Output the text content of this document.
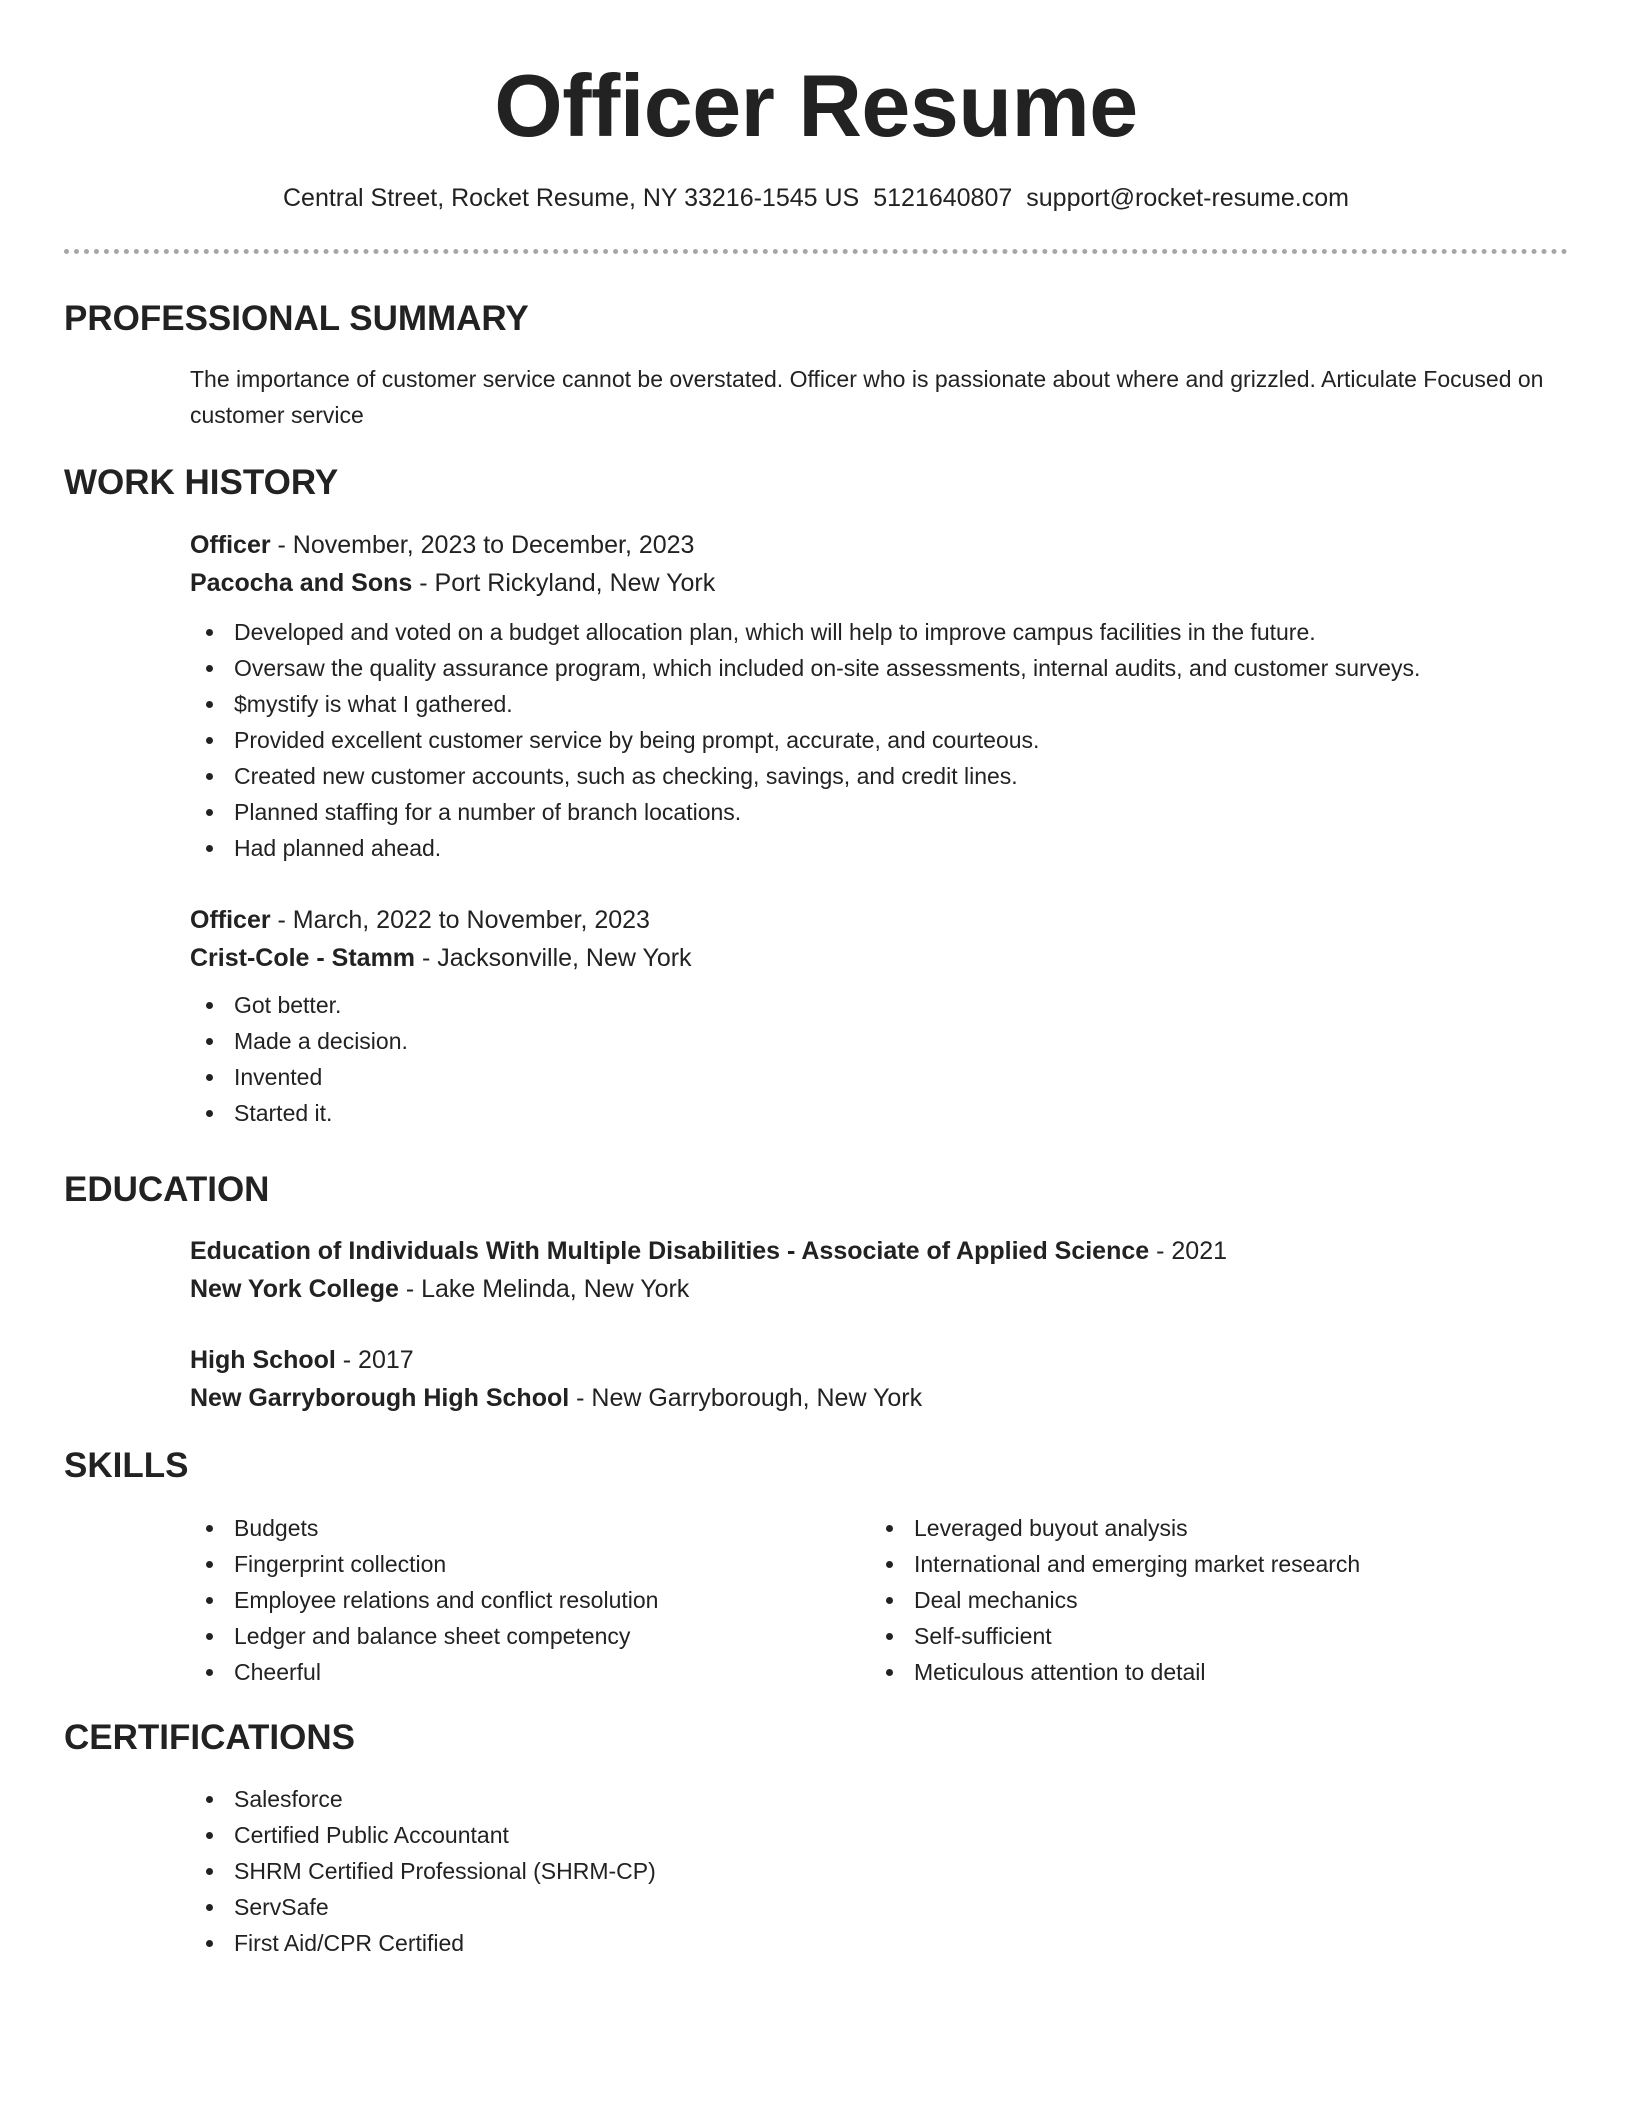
Officer Resume
Central Street, Rocket Resume, NY 33216-1545 US 5121640807 support@rocket-resume.com
PROFESSIONAL SUMMARY
The importance of customer service cannot be overstated. Officer who is passionate about where and grizzled. Articulate Focused on customer service
WORK HISTORY
Officer - November, 2023 to December, 2023
Pacocha and Sons - Port Rickyland, New York
Developed and voted on a budget allocation plan, which will help to improve campus facilities in the future.
Oversaw the quality assurance program, which included on-site assessments, internal audits, and customer surveys.
$mystify is what I gathered.
Provided excellent customer service by being prompt, accurate, and courteous.
Created new customer accounts, such as checking, savings, and credit lines.
Planned staffing for a number of branch locations.
Had planned ahead.
Officer - March, 2022 to November, 2023
Crist-Cole - Stamm - Jacksonville, New York
Got better.
Made a decision.
Invented
Started it.
EDUCATION
Education of Individuals With Multiple Disabilities - Associate of Applied Science - 2021
New York College - Lake Melinda, New York
High School - 2017
New Garryborough High School - New Garryborough, New York
SKILLS
Budgets
Fingerprint collection
Employee relations and conflict resolution
Ledger and balance sheet competency
Cheerful
Leveraged buyout analysis
International and emerging market research
Deal mechanics
Self-sufficient
Meticulous attention to detail
CERTIFICATIONS
Salesforce
Certified Public Accountant
SHRM Certified Professional (SHRM-CP)
ServSafe
First Aid/CPR Certified
